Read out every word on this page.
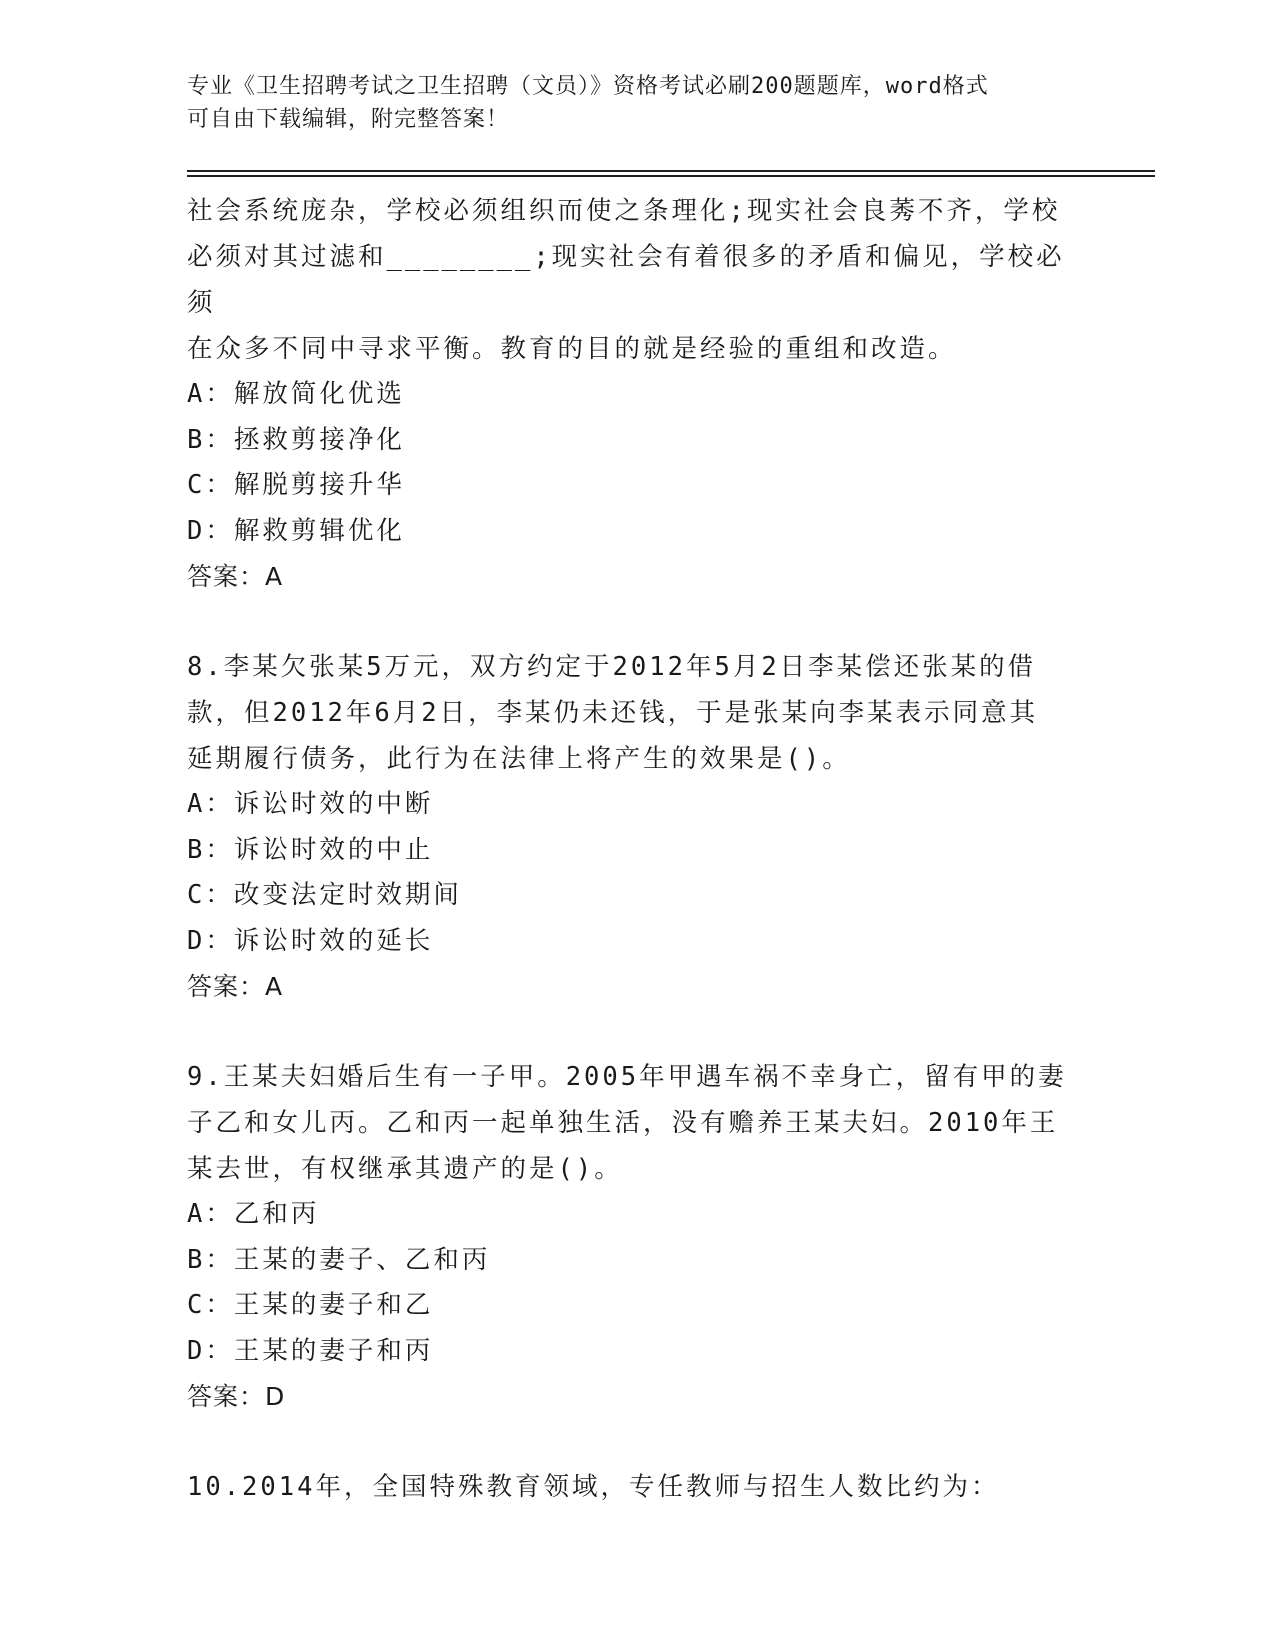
专业《卫生招聘考试之卫生招聘（文员）》资格考试必刷200题题库，word格式
可自由下载编辑，附完整答案！
社会系统庞杂，学校必须组织而使之条理化;现实社会良莠不齐，学校
必须对其过滤和________;现实社会有着很多的矛盾和偏见，学校必须
在众多不同中寻求平衡。教育的目的就是经验的重组和改造。
A：解放简化优选
B：拯救剪接净化
C：解脱剪接升华
D：解救剪辑优化
答案：A
8.李某欠张某5万元，双方约定于2012年5月2日李某偿还张某的借
款，但2012年6月2日，李某仍未还钱，于是张某向李某表示同意其
延期履行债务，此行为在法律上将产生的效果是()。
A：诉讼时效的中断
B：诉讼时效的中止
C：改变法定时效期间
D：诉讼时效的延长
答案：A
9.王某夫妇婚后生有一子甲。2005年甲遇车祸不幸身亡，留有甲的妻
子乙和女儿丙。乙和丙一起单独生活，没有赡养王某夫妇。2010年王
某去世，有权继承其遗产的是()。
A：乙和丙
B：王某的妻子、乙和丙
C：王某的妻子和乙
D：王某的妻子和丙
答案：D
10.2014年，全国特殊教育领域，专任教师与招生人数比约为：
